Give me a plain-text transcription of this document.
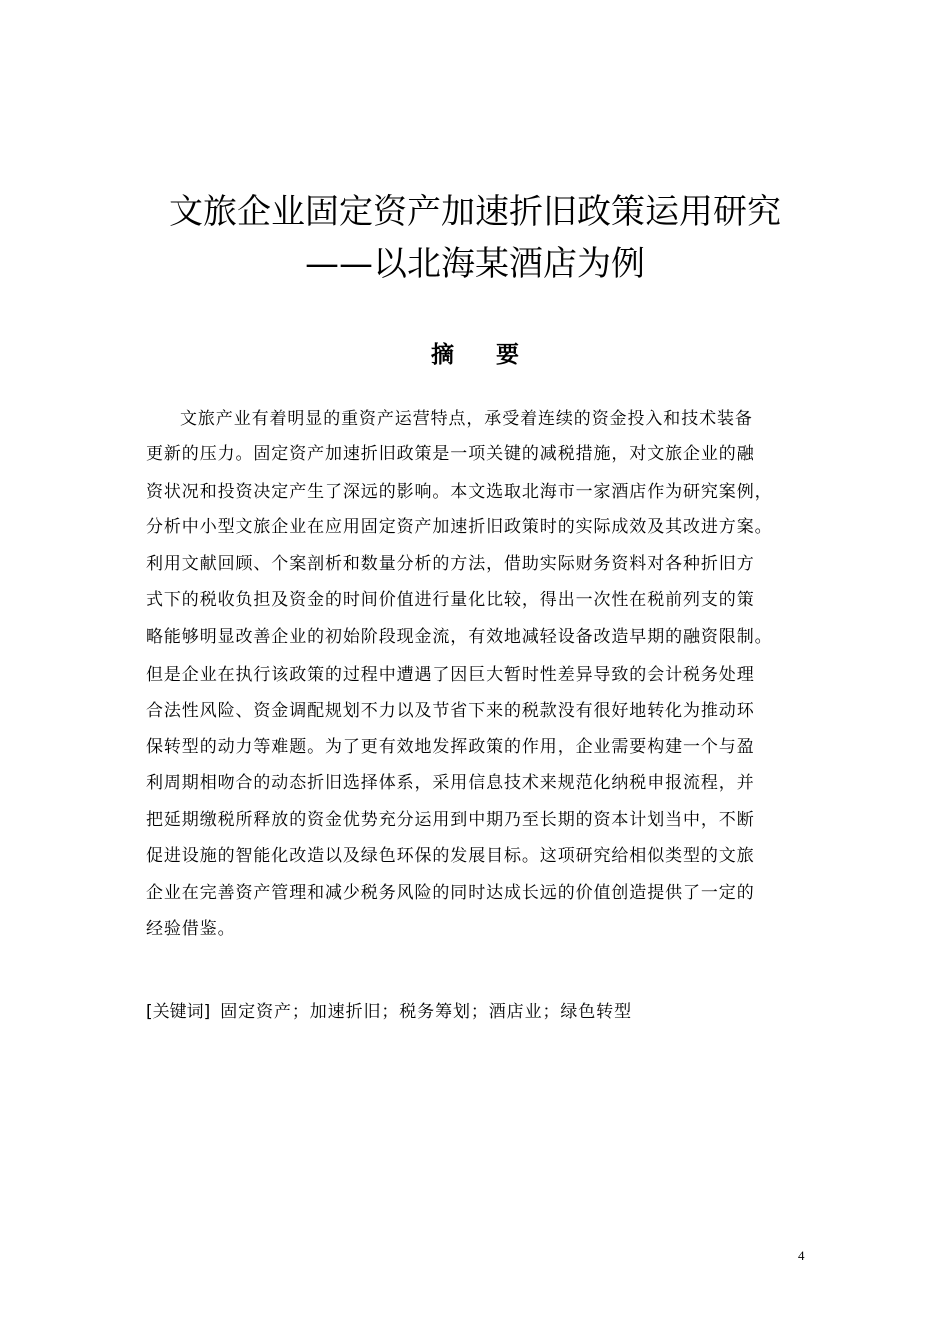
文旅企业固定资产加速折旧政策运用研究
——以北海某酒店为例
摘要
文旅产业有着明显的重资产运营特点，承受着连续的资金投入和技术装备
更新的压力。固定资产加速折旧政策是一项关键的减税措施，对文旅企业的融
资状况和投资决定产生了深远的影响。本文选取北海市一家酒店作为研究案例，
分析中小型文旅企业在应用固定资产加速折旧政策时的实际成效及其改进方案。
利用文献回顾、个案剖析和数量分析的方法，借助实际财务资料对各种折旧方
式下的税收负担及资金的时间价值进行量化比较，得出一次性在税前列支的策
略能够明显改善企业的初始阶段现金流，有效地减轻设备改造早期的融资限制。
但是企业在执行该政策的过程中遭遇了因巨大暂时性差异导致的会计税务处理
合法性风险、资金调配规划不力以及节省下来的税款没有很好地转化为推动环
保转型的动力等难题。为了更有效地发挥政策的作用，企业需要构建一个与盈
利周期相吻合的动态折旧选择体系，采用信息技术来规范化纳税申报流程，并
把延期缴税所释放的资金优势充分运用到中期乃至长期的资本计划当中，不断
促进设施的智能化改造以及绿色环保的发展目标。这项研究给相似类型的文旅
企业在完善资产管理和减少税务风险的同时达成长远的价值创造提供了一定的
经验借鉴。
[关键词] 固定资产；加速折旧；税务筹划；酒店业；绿色转型
4
